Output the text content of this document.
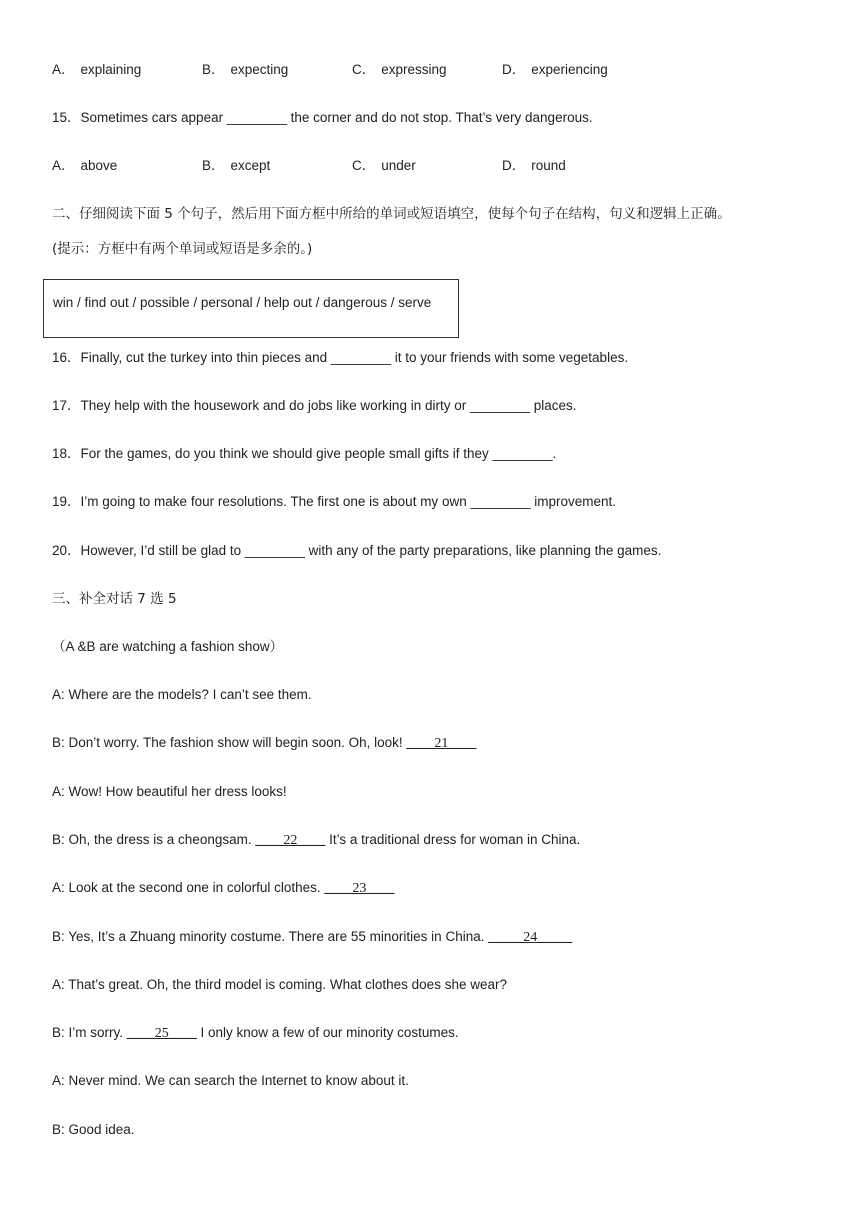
A． explaining	B． expecting	C． expressing	D． experiencing
15．Sometimes cars appear ________ the corner and do not stop. That’s very dangerous.
A． above	B． except	C． under	D． round
二、仔细阅读下面 5 个句子，然后用下面方框中所给的单词或短语填空，使每个句子在结构，句义和逻辑上正确。
(提示：方框中有两个单词或短语是多余的。)
win / find out / possible / personal / help out / dangerous / serve
16．Finally, cut the turkey into thin pieces and ________ it to your friends with some vegetables.
17．They help with the housework and do jobs like working in dirty or ________ places.
18．For the games, do you think we should give people small gifts if they ________.
19．I’m going to make four resolutions. The first one is about my own ________ improvement.
20．However, I’d still be glad to ________ with any of the party preparations, like planning the games.
三、补全对话 7 选 5
（A &B are watching a fashion show）
A: Where are the models? I can’t see them.
B: Don’t worry. The fashion show will begin soon. Oh, look! ____21____
A: Wow! How beautiful her dress looks!
B: Oh, the dress is a cheongsam. ____22____ It’s a traditional dress for woman in China.
A: Look at the second one in colorful clothes. ____23____
B: Yes, It’s a Zhuang minority costume. There are 55 minorities in China. _____24_____
A: That’s great. Oh, the third model is coming. What clothes does she wear?
B: I’m sorry. ____25____ I only know a few of our minority costumes.
A: Never mind. We can search the Internet to know about it.
B: Good idea.
